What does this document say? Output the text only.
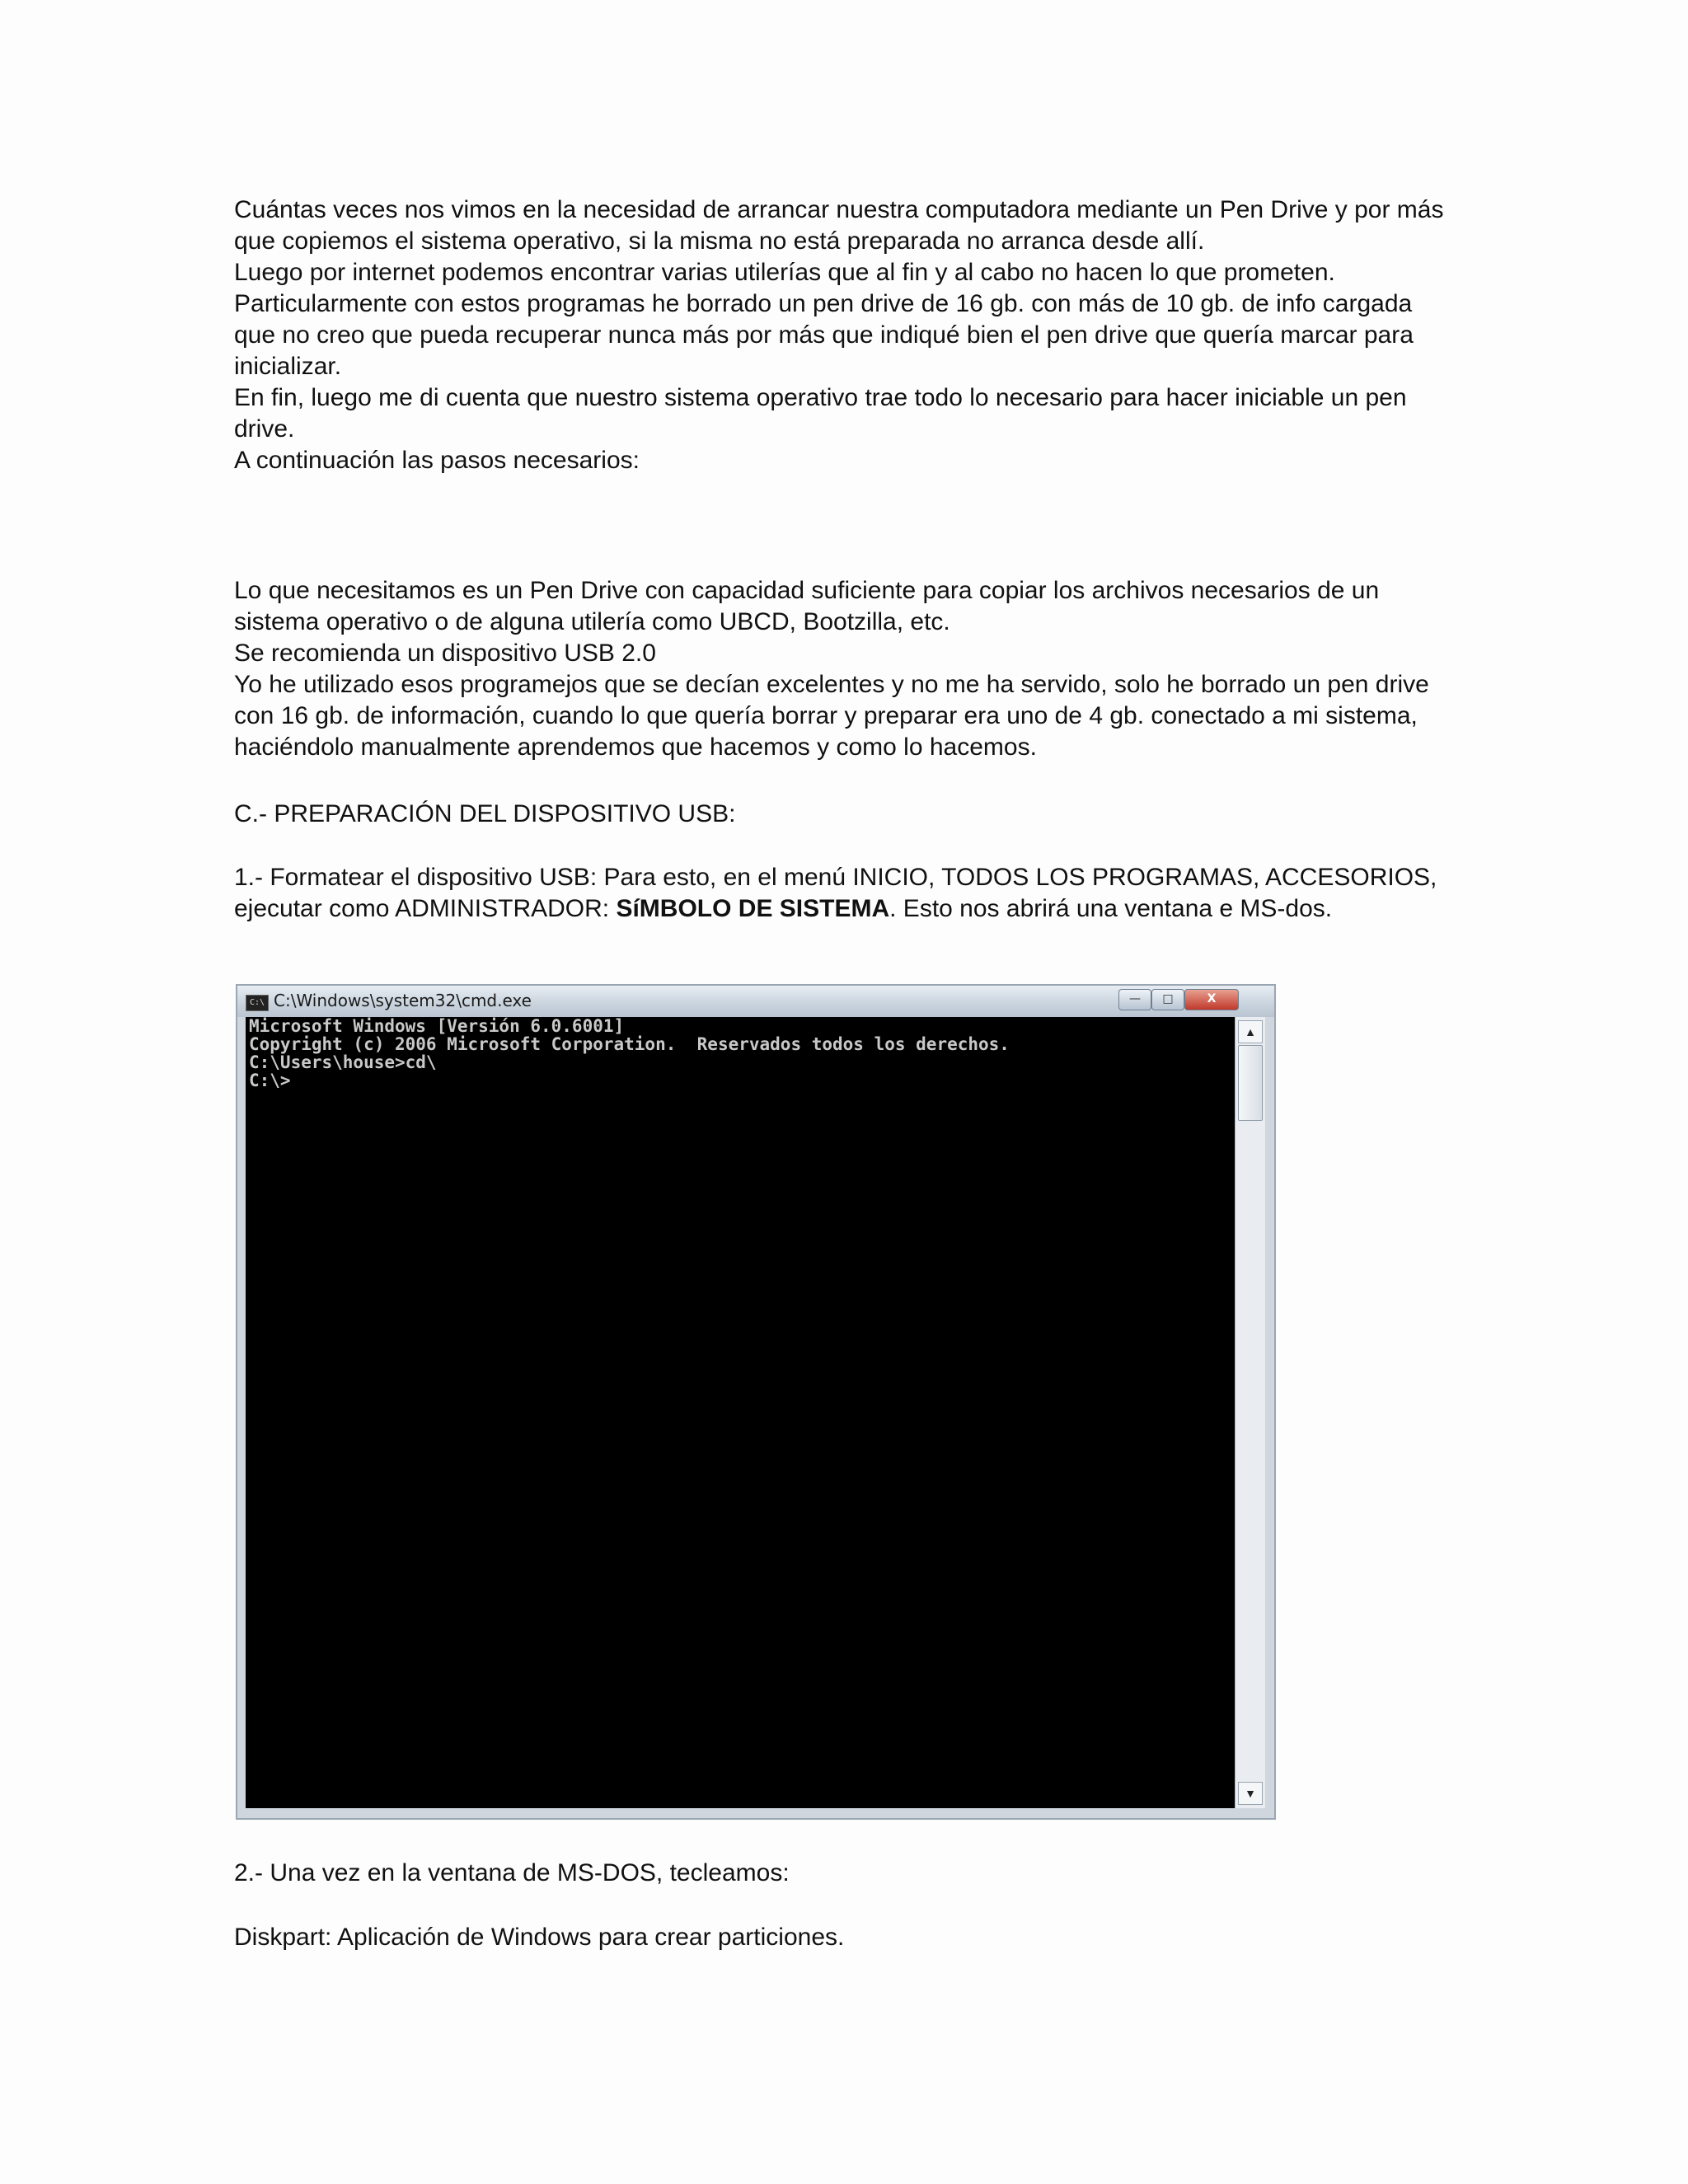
Cuántas veces nos vimos en la necesidad de arrancar nuestra computadora mediante un Pen Drive y por más que copiemos el sistema operativo, si la misma no está preparada no arranca desde allí.
Luego por internet podemos encontrar varias utilerías que al fin y al cabo no hacen lo que prometen.
Particularmente con estos programas he borrado un pen drive de 16 gb. con más de 10 gb. de info cargada que no creo que pueda recuperar nunca más por más que indiqué bien el pen drive que quería marcar para inicializar.
En fin, luego me di cuenta que nuestro sistema operativo trae todo lo necesario para hacer iniciable un pen drive.
A continuación las pasos necesarios:
Lo que necesitamos es un Pen Drive con capacidad suficiente para copiar los archivos necesarios de un sistema operativo o de alguna utilería como UBCD, Bootzilla, etc.
Se recomienda un dispositivo USB 2.0
Yo he utilizado esos programejos que se decían excelentes y no me ha servido, solo he borrado un pen drive con 16 gb. de información, cuando lo que quería borrar y preparar era uno de 4 gb. conectado a mi sistema, haciéndolo manualmente aprendemos que hacemos y como lo hacemos.
C.- PREPARACIÓN DEL DISPOSITIVO USB:
1.- Formatear el dispositivo USB: Para esto, en el menú INICIO, TODOS LOS PROGRAMAS, ACCESORIOS, ejecutar como ADMINISTRADOR: SíMBOLO DE SISTEMA. Esto nos abrirá una ventana e MS-dos.
C:\ C:\Windows\system32\cmd.exe	—	□	X
Microsoft Windows [Versión 6.0.6001]
Copyright (c) 2006 Microsoft Corporation.  Reservados todos los derechos.
C:\Users\house>cd\
C:\>
▲
▼
2.- Una vez en la ventana de MS-DOS, tecleamos:
Diskpart: Aplicación de Windows para crear particiones.
